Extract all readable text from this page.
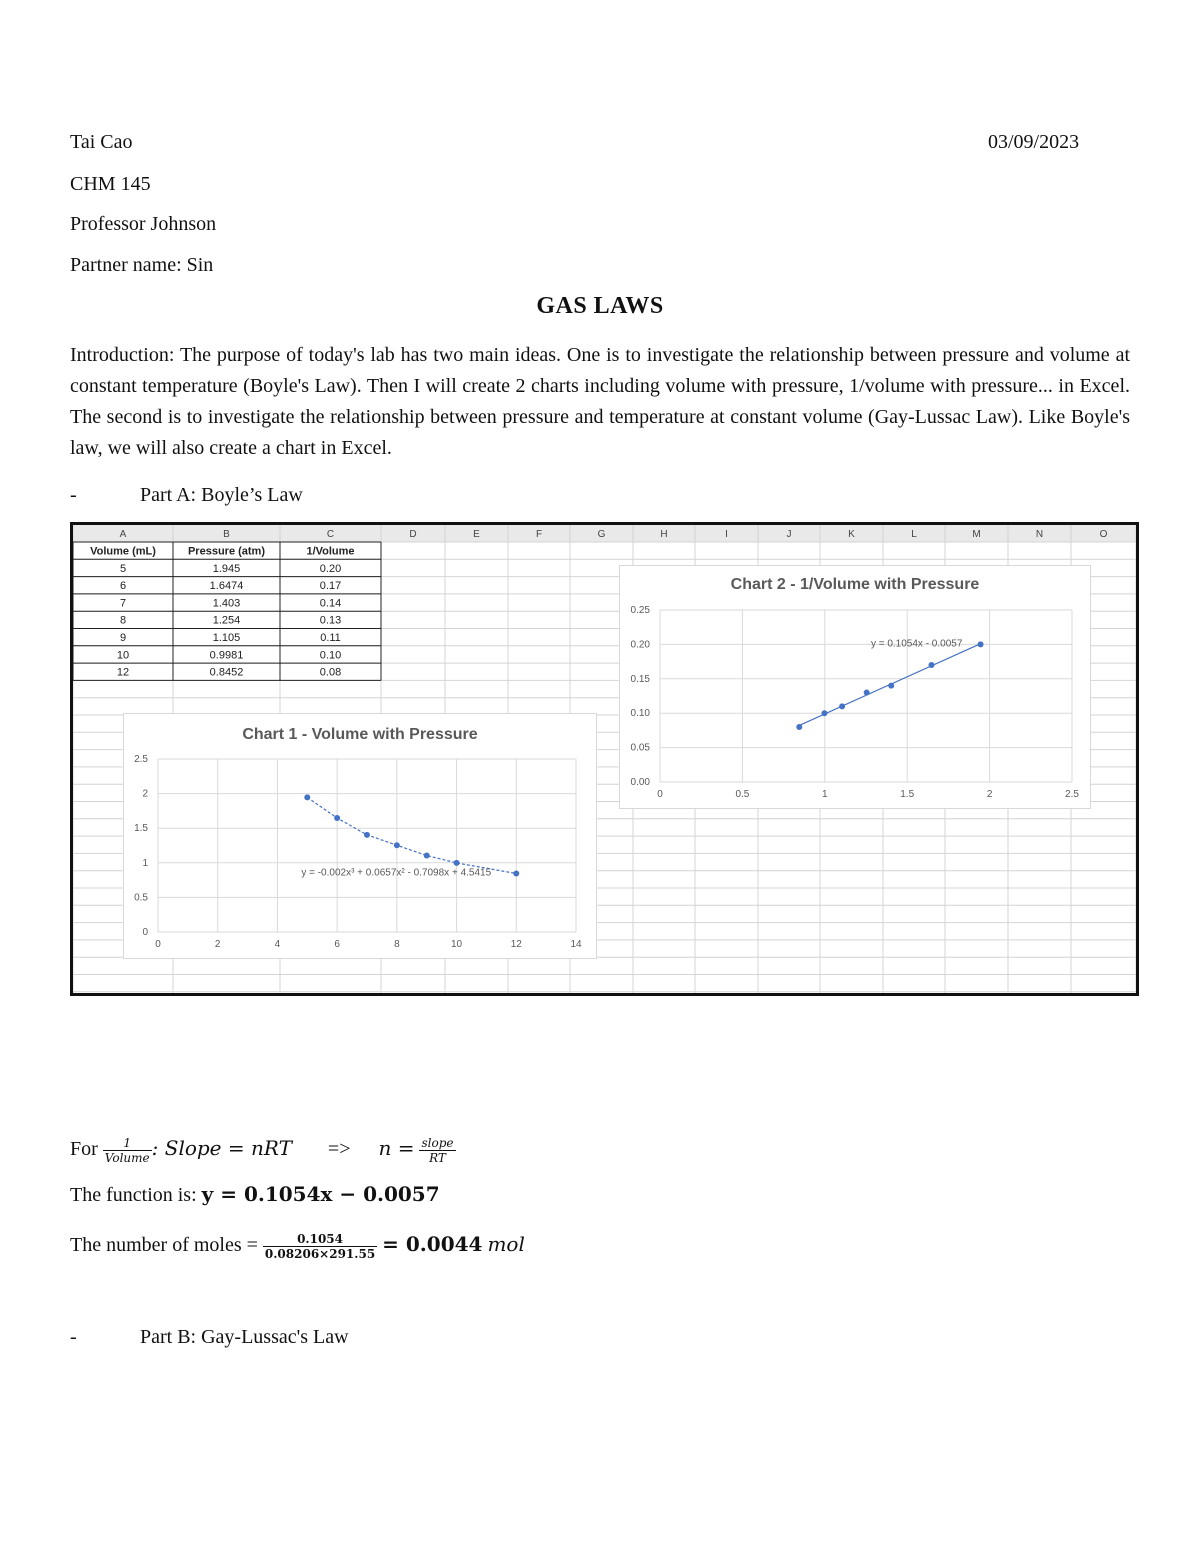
Tai Cao	03/09/2023
CHM 145
Professor Johnson
Partner name: Sin
GAS LAWS
Introduction: The purpose of today's lab has two main ideas. One is to investigate the relationship between pressure and volume at constant temperature (Boyle's Law). Then I will create 2 charts including volume with pressure, 1/volume with pressure... in Excel. The second is to investigate the relationship between pressure and temperature at constant volume (Gay-Lussac Law). Like Boyle's law, we will also create a chart in Excel.
-	Part A: Boyle’s Law
A	B	C	D	E	F	G	H	I	J	K	L	M	N	O
Volume (mL)	Pressure (atm)	1/Volume
5	1.945	0.20
6	1.6474	0.17
7	1.403	0.14
8	1.254	0.13
9	1.105	0.11
10	0.9981	0.10
12	0.8452	0.08
Chart 1 - Volume with Pressure
0	2	4	6	8	10	12	14
0
0.5
1
1.5
2
2.5
y = -0.002x³ + 0.0657x² - 0.7098x + 4.5415
Chart 2 - 1/Volume with Pressure
0	0.5	1	1.5	2	2.5
0.00
0.05
0.10
0.15
0.20
0.25
y = 0.1054x - 0.0057
For $\frac{1}{\text{Volume}}$ : Slope = nRT => $n = \frac{\text{slope}}{RT}$
The function is: y = 0.1054x − 0.0057
The number of moles = $\frac{0.1054}{0.08206\times 291.55} = 0.0044$ mol
-	Part B: Gay-Lussac's Law
